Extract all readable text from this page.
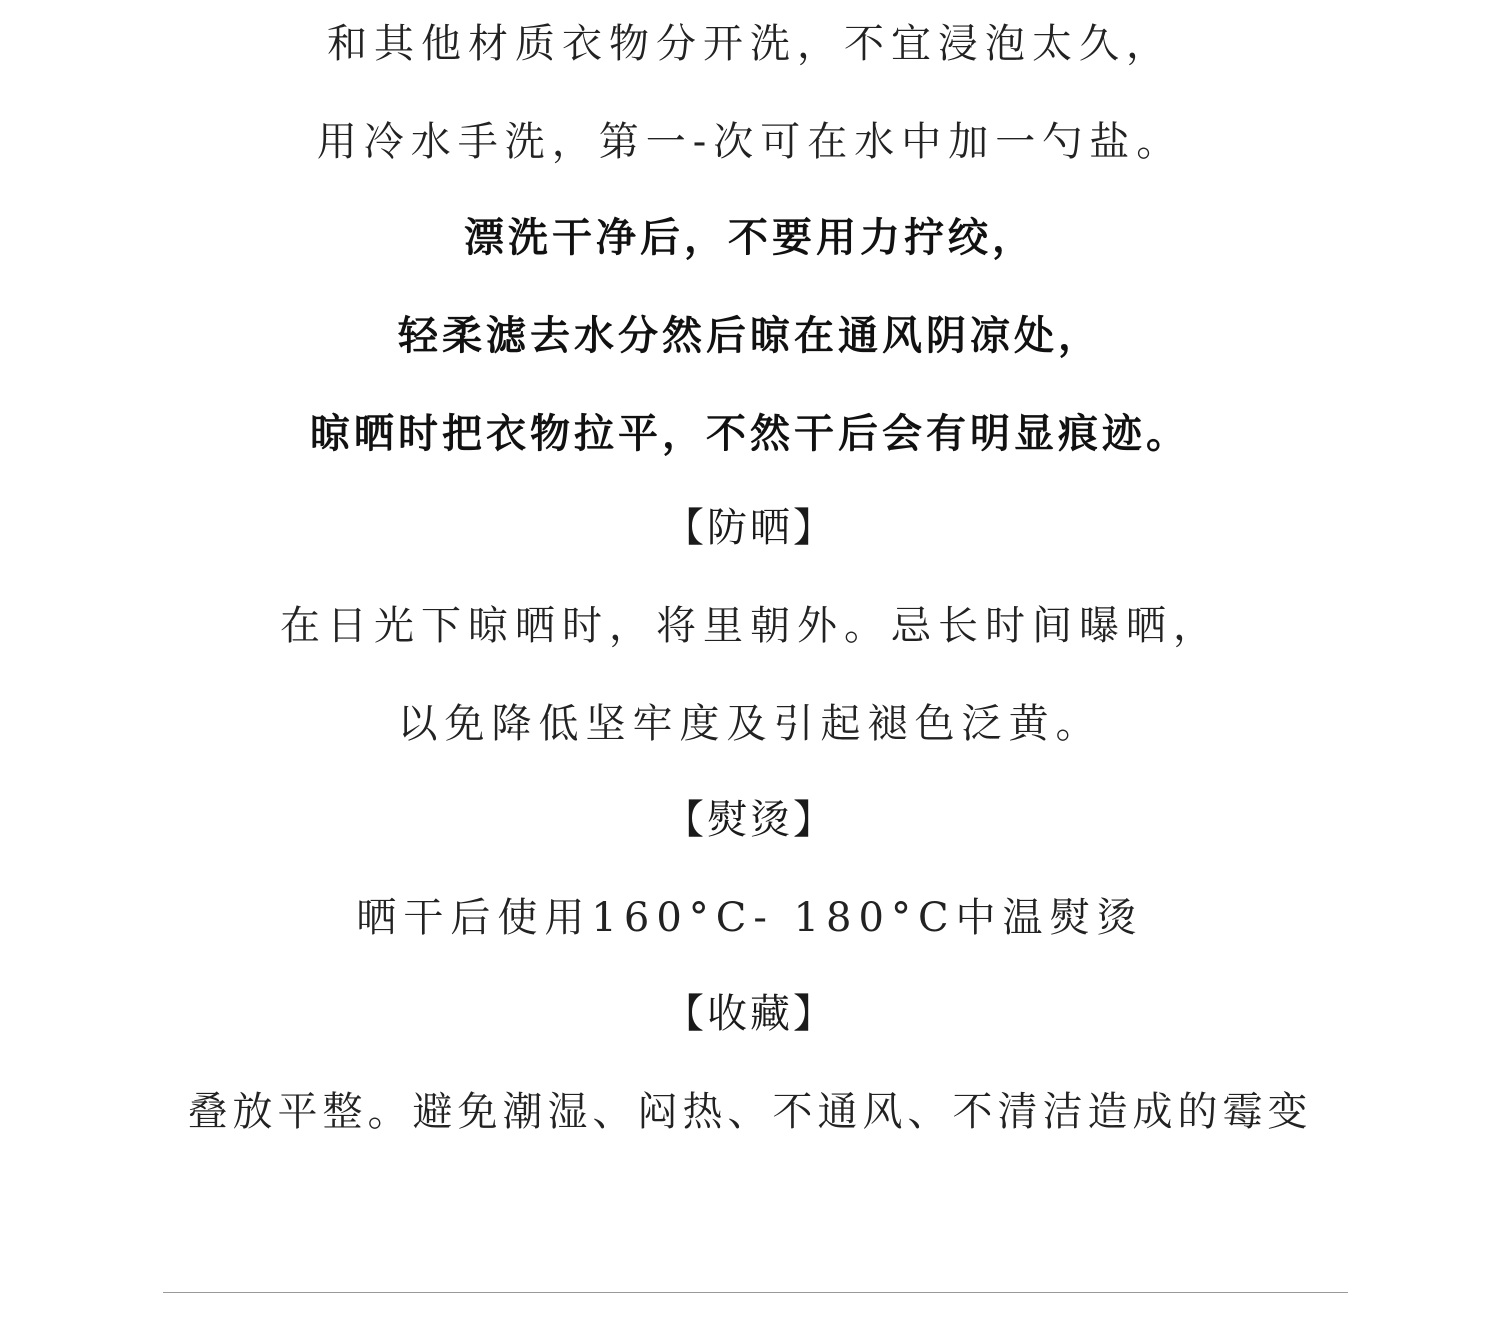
和其他材质衣物分开洗，不宜浸泡太久，
用冷水手洗，第一-次可在水中加一勺盐。
漂洗干净后，不要用力拧绞，
轻柔滤去水分然后晾在通风阴凉处，
晾晒时把衣物拉平，不然干后会有明显痕迹。
【防晒】
在日光下晾晒时，将里朝外。忌长时间曝晒，
以免降低坚牢度及引起褪色泛黄。
【熨烫】
晒干后使用160°C- 180°C中温熨烫
【收藏】
叠放平整。避免潮湿、闷热、不通风、不清洁造成的霉变
